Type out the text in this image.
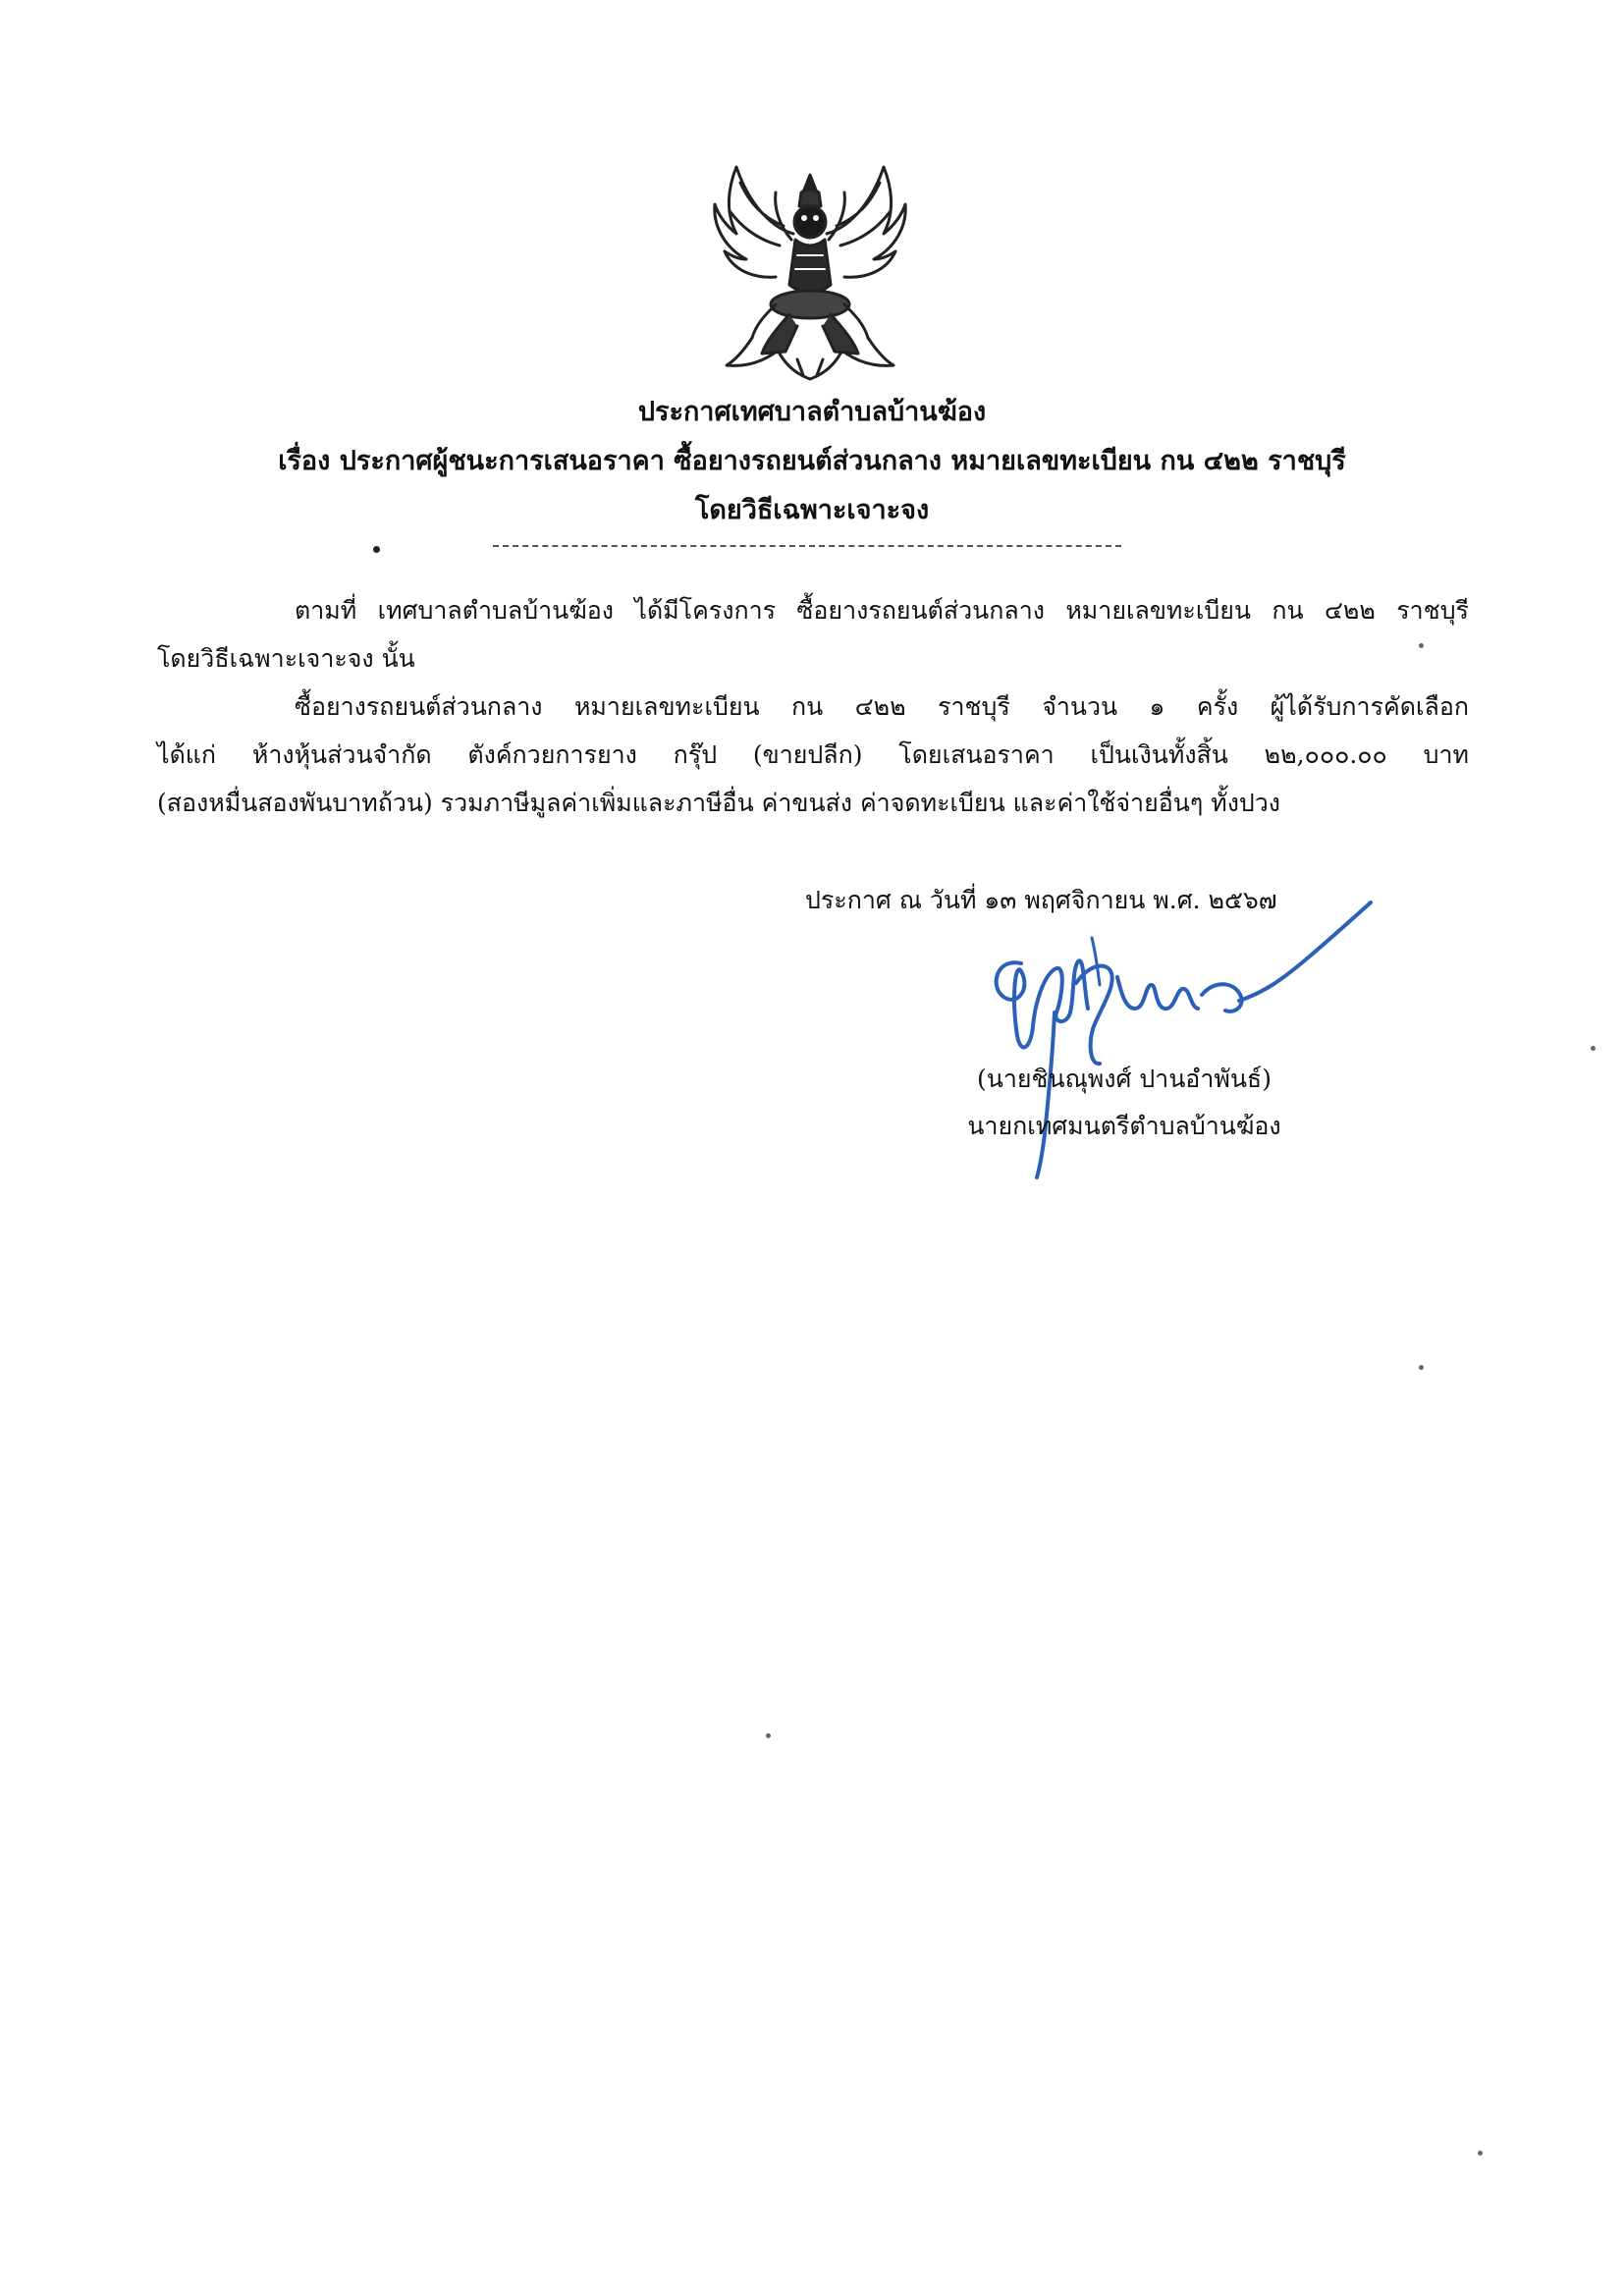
ประกาศเทศบาลตำบลบ้านฆ้อง
เรื่อง ประกาศผู้ชนะการเสนอราคา ซื้อยางรถยนต์ส่วนกลาง หมายเลขทะเบียน กน ๔๒๒ ราชบุรี
โดยวิธีเฉพาะเจาะจง
ตามที่ เทศบาลตำบลบ้านฆ้อง ได้มีโครงการ ซื้อยางรถยนต์ส่วนกลาง หมายเลขทะเบียน กน ๔๒๒ ราชบุรี
โดยวิธีเฉพาะเจาะจง นั้น
ซื้อยางรถยนต์ส่วนกลาง หมายเลขทะเบียน กน ๔๒๒ ราชบุรี จำนวน ๑ ครั้ง ผู้ได้รับการคัดเลือก
ได้แก่ ห้างหุ้นส่วนจำกัด ตังค์กวยการยาง กรุ๊ป (ขายปลีก) โดยเสนอราคา เป็นเงินทั้งสิ้น ๒๒,๐๐๐.๐๐ บาท
(สองหมื่นสองพันบาทถ้วน) รวมภาษีมูลค่าเพิ่มและภาษีอื่น ค่าขนส่ง ค่าจดทะเบียน และค่าใช้จ่ายอื่นๆ ทั้งปวง
ประกาศ ณ วันที่ ๑๓ พฤศจิกายน พ.ศ. ๒๕๖๗
(นายชินณุพงศ์ ปานอำพันธ์)
นายกเทศมนตรีตำบลบ้านฆ้อง
